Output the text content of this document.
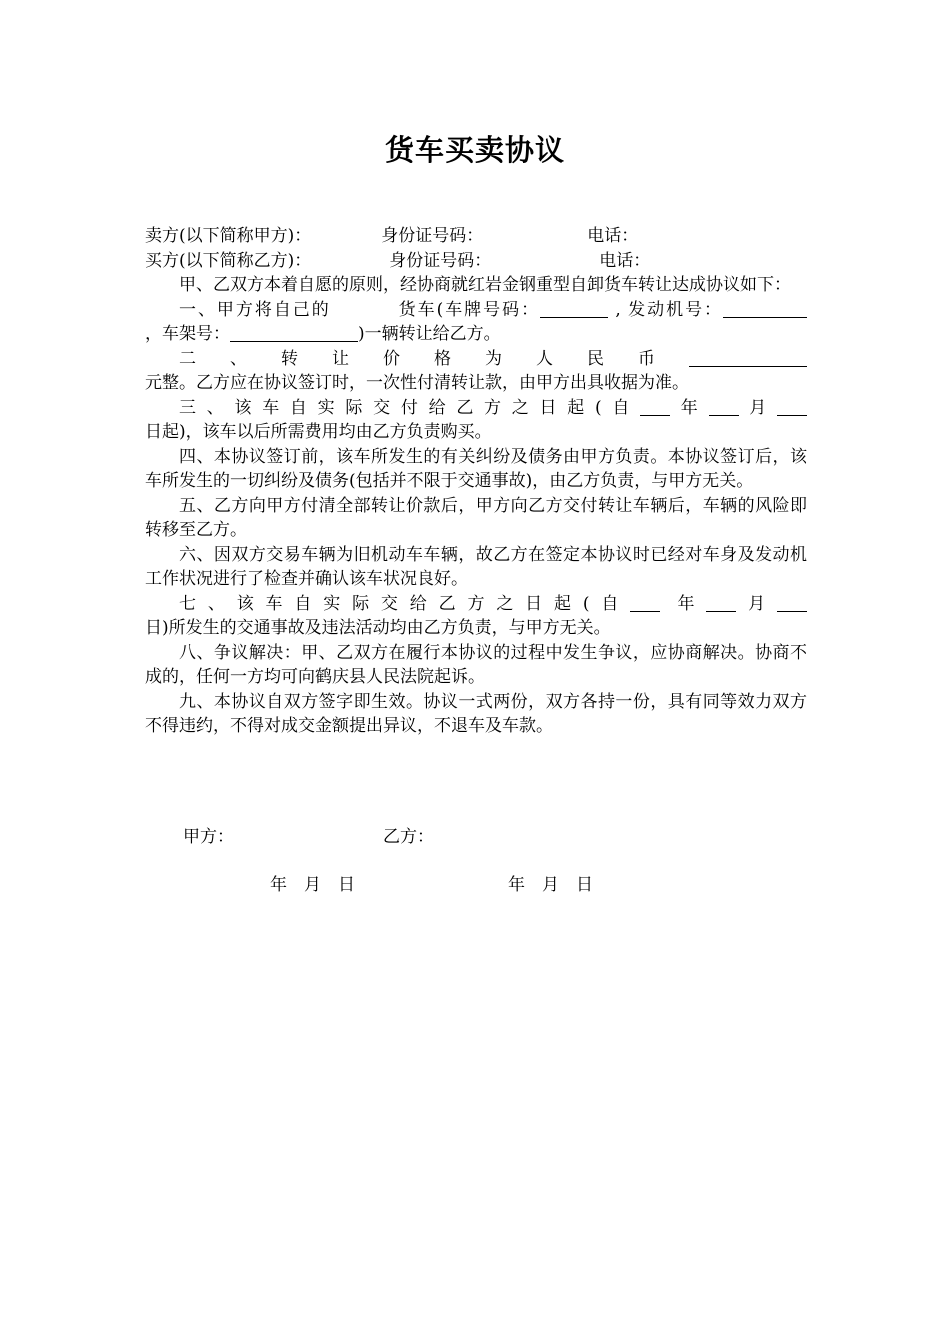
货车买卖协议
卖方(以下简称甲方)：	身份证号码：	电话：
买方(以下简称乙方)：	身份证号码：	电话：
甲、乙双方本着自愿的原则，经协商就红岩金钢重型自卸货车转让达成协议如下：
一、甲方将自己的	货车(车牌号码：	, 发动机号：，车架号：	)一辆转让给乙方。
二、转让价格为人民币元整。乙方应在协议签订时，一次性付清转让款，由甲方出具收据为准。
三、该车自实际交付给乙方之日起(自 年 月日起)，该车以后所需费用均由乙方负责购买。
四、本协议签订前，该车所发生的有关纠纷及债务由甲方负责。本协议签订后，该车所发生的一切纠纷及债务(包括并不限于交通事故)，由乙方负责，与甲方无关。
五、乙方向甲方付清全部转让价款后，甲方向乙方交付转让车辆后，车辆的风险即转移至乙方。
六、因双方交易车辆为旧机动车车辆，故乙方在签定本协议时已经对车身及发动机工作状况进行了检查并确认该车状况良好。
七、该车自实际交给乙方之日起(自 年 月日)所发生的交通事故及违法活动均由乙方负责，与甲方无关。
八、争议解决：甲、乙双方在履行本协议的过程中发生争议，应协商解决。协商不成的，任何一方均可向鹤庆县人民法院起诉。
九、本协议自双方签字即生效。协议一式两份，双方各持一份，具有同等效力双方不得违约，不得对成交金额提出异议，不退车及车款。
甲方：	乙方：
年　月　日	年　月　日
